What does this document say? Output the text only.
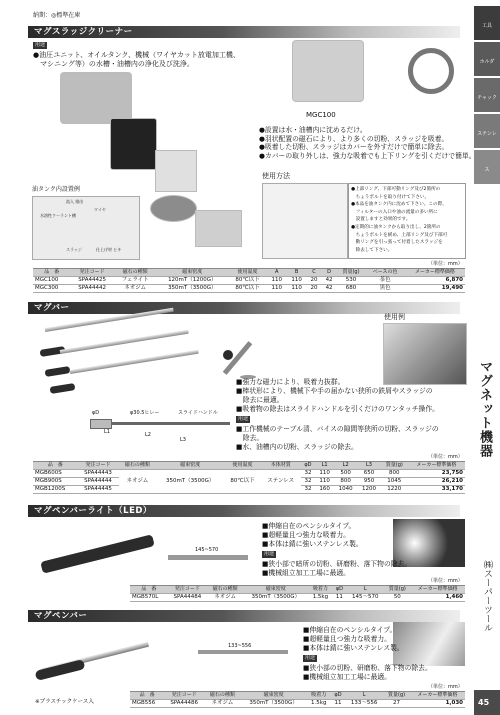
納期：◎標準在庫
工具
ホルダ
チャック
ステンレス
マグネット機器
㈱スーパーツール
45
マグスラッジクリーナー
用途
●油圧ユニット、オイルタンク、機械（ワイヤカット放電加工機、
　マシニング等）の水槽・油槽内の浄化及び洗浄。
MGC100
●設置は水・油槽内に沈めるだけ。
●羽状配置の磁石により、より多くの切粉、スラッジを吸着。
●吸着した切粉、スラッジはカバーを外すだけで簡単に除去。
●カバーの取り外しは、強力な吸着でも上下リングを引くだけで簡単。
使用方法
●上部リング、下部可動リング及び2箇所の
　ちょうボルトを取り付けて下さい。
●本品を油タンク内に沈めて下さい。この際、
　フィルターの入口や油の流量の多い所に
　設置しますと効果的です。
●定期的に油タンクから取り出し、2箇所の
　ちょうボルトを緩め、上部リング及び下部可
　動リングを引っ張って付着したスラッジを
　除去して下さい。
油タンク内設置例
流入 排出
ワイヤ
水溶性クーラント槽
スラッジ	仕上げ材 ヒキ
（単位：mm）
品　番	発注コード	磁石の種類	磁束密度	使用温度	A	B	C	D	質量(g)	ベースの色	メーカー標準価格
MGC100	SPA44425	フェライト	120mT（1200G）	80℃以下	110	110	20	42	530	茶色	6,870
MGC300	SPA44442	ネオジム	350mT（3500G）	80℃以下	110	110	20	42	680	黒色	19,490
マグバー
使用例
φD	スライドハンドル
φ30.5ヒレー
L1	L2
L3
■強力な磁力により、吸着力抜群。
■棒状形により、機械下や手の届かない狭所の鉄屑やスラッジの
　除去に最適。
■吸着物の除去はスライドハンドルを引くだけのワンタッチ操作。
用途
■工作機械のテーブル清、バイスの隙間等狭所の切粉、スラッジの
　除去。
■水、油槽内の切粉、スラッジの除去。
（単位：mm）
品　番	発注コード	磁石の種類	磁束密度	使用温度	本体材質	φD	L1	L2	L3	質量(g)	メーカー標準価格
MGB600S	SPA44443	ネオジム	350mT（3500G）	80℃以下	ステンレス	32	110	500	650	800	23,750
MGB900S	SPA44444					32	110	800	950	1045	26,210
MGB1200S	SPA44445					32	160	1040	1200	1220	33,170
マグペンバーライト（LED）
145~570
■伸縮自在のペンシルタイプ。
■超軽量且つ強力な吸着力。
■本体は錆に強いステンレス製。
用途
■狭小部で暗所の切粉、研磨粉、落下物の除去。
■機械組立加工工場に最適。
（単位：mm）
品　番	発注コード	磁石の種類	磁束密度	吸着力	φD	L	質量(g)	メーカー標準価格
MGB570L	SPA44484	ネオジム	350mT（3500G）	1.5kg	11	145～570	50	1,460
マグペンバー
133~556
※プラスチックケース入
■伸縮自在のペンシルタイプ。
■超軽量且つ強力な吸着力。
■本体は錆に強いステンレス製。
用途
■狭小部の切粉、研磨粉、落下物の除去。
■機械組立加工工場に最適。
（単位：mm）
品　番	発注コード	磁石の種類	磁束密度	吸着力	φD	L	質量(g)	メーカー標準価格
MGB556	SPA44486	ネオジム	350mT（3500G）	1.5kg	11	133～556	27	1,030
